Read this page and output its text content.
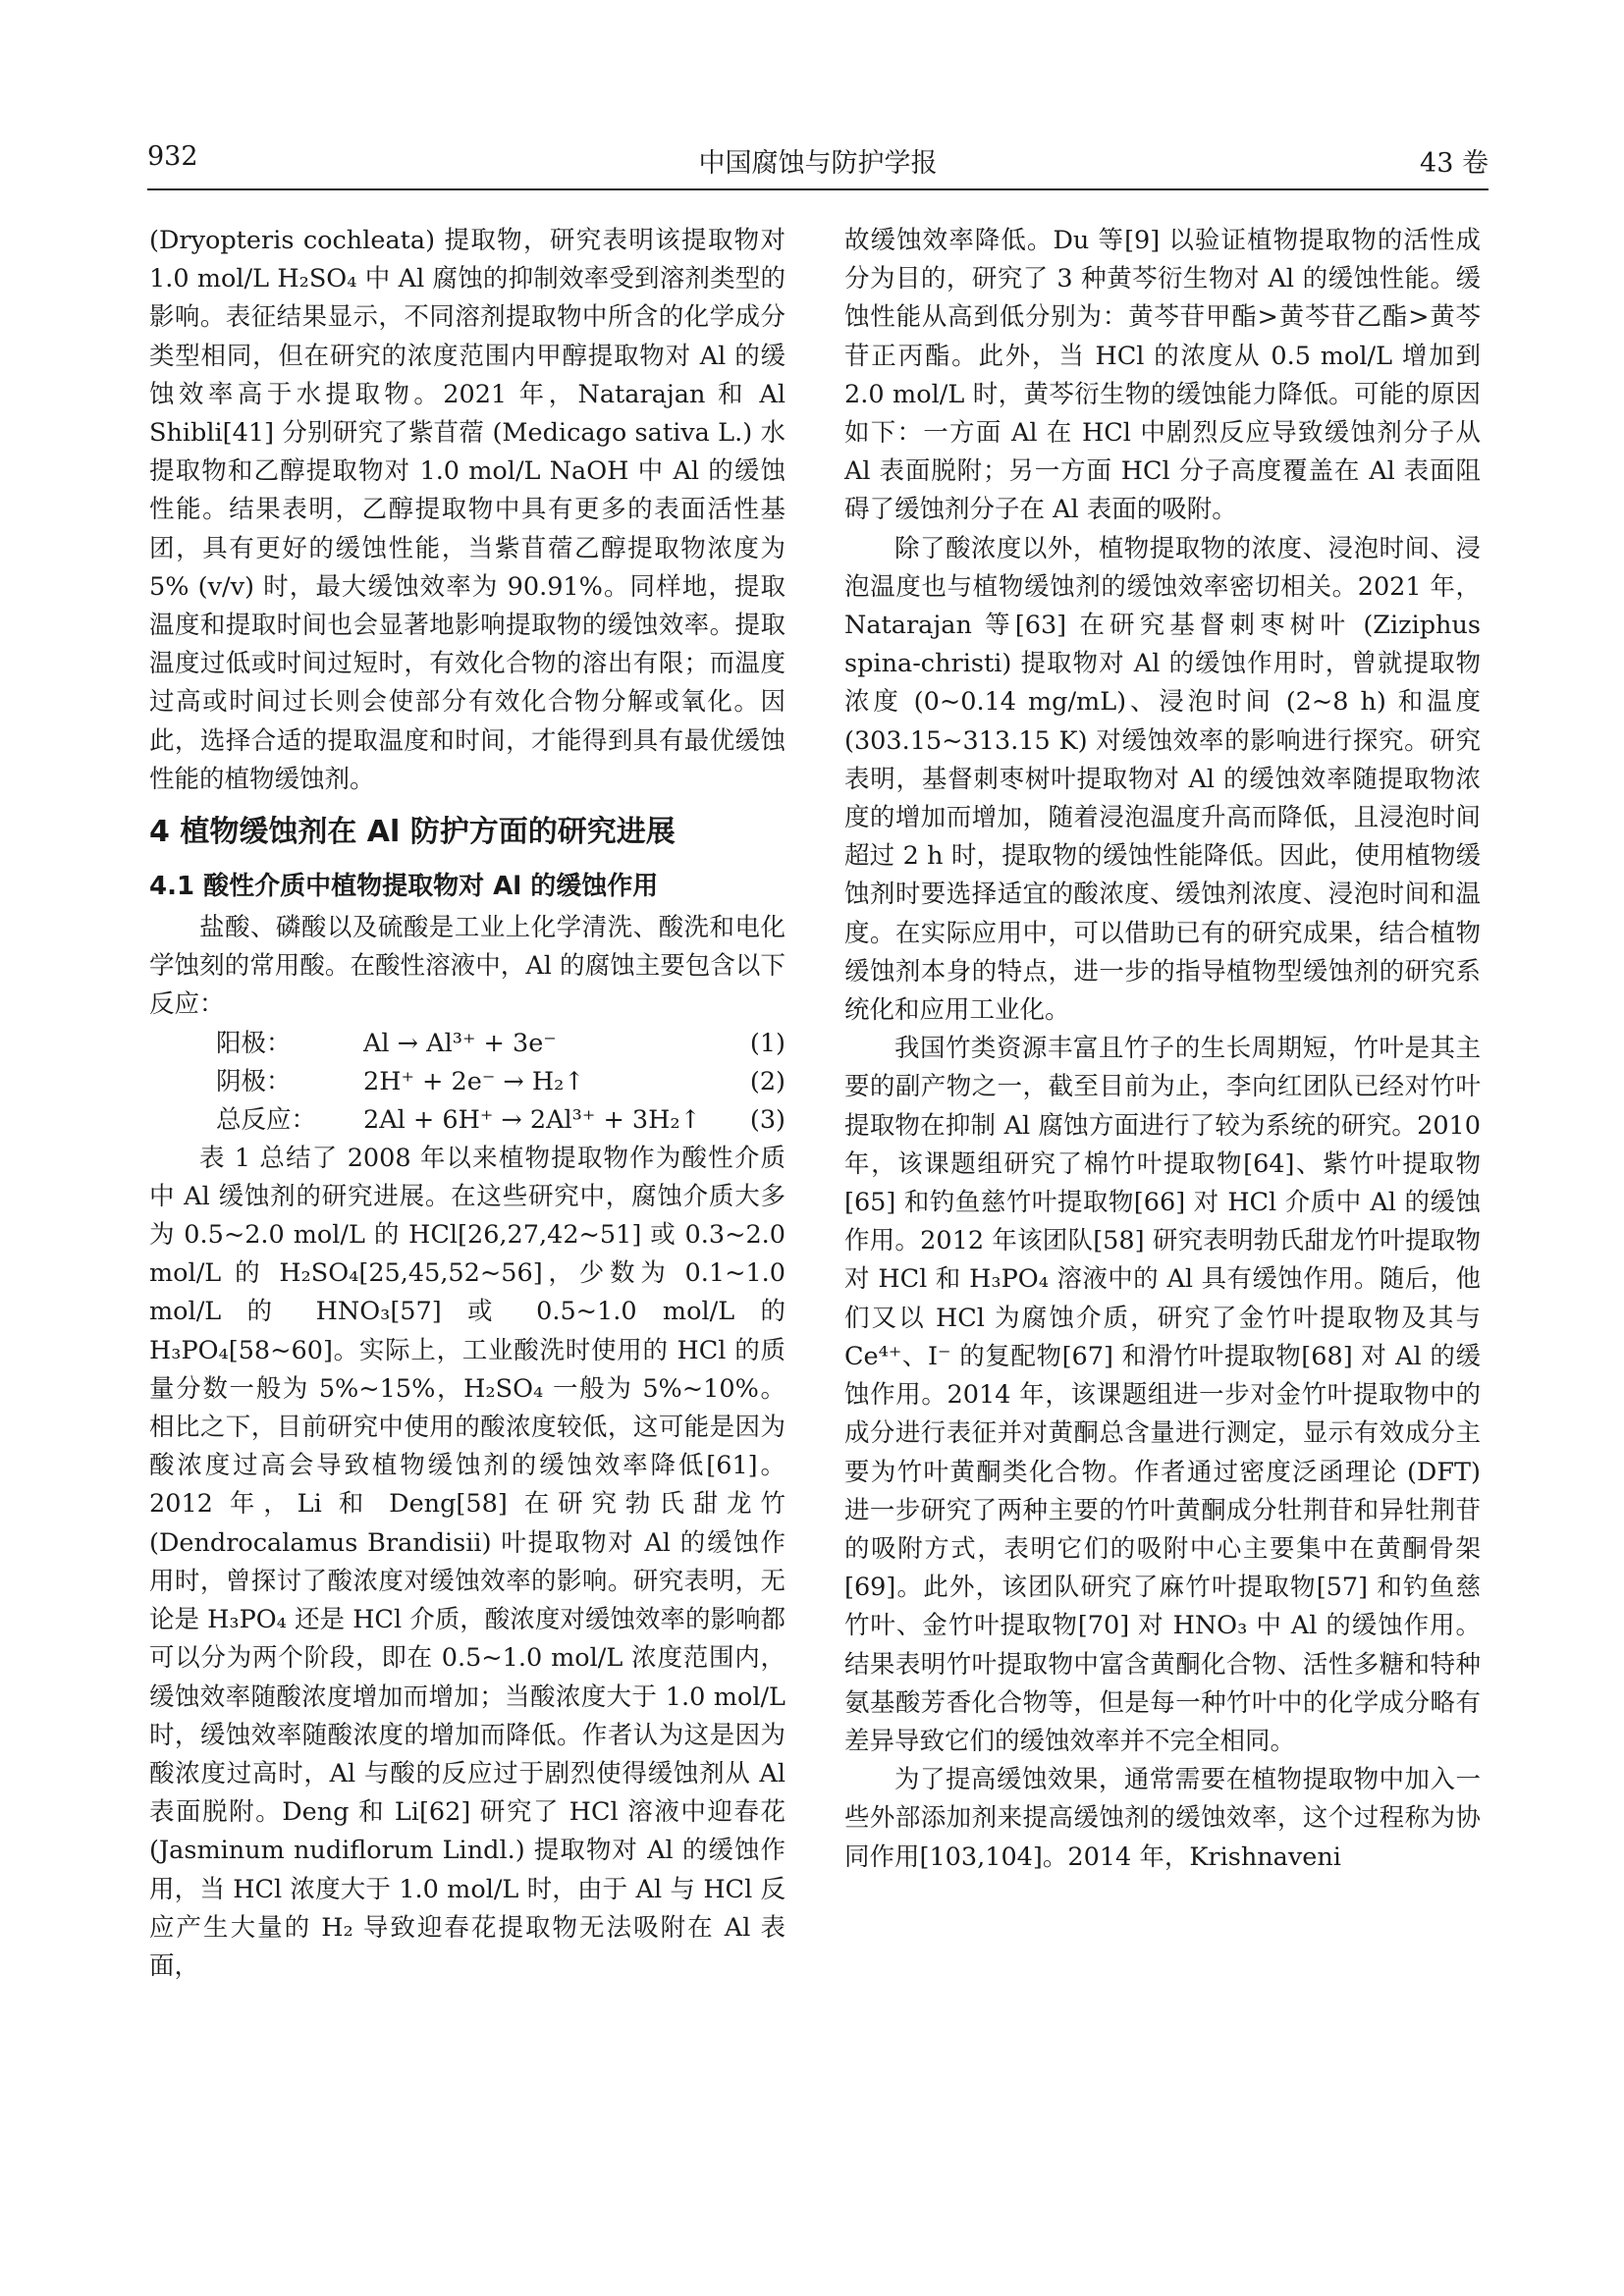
932	中国腐蚀与防护学报	43 卷

(Dryopteris cochleata) 提取物，研究表明该提取物对 1.0 mol/L H₂SO₄ 中 Al 腐蚀的抑制效率受到溶剂类型的影响。表征结果显示，不同溶剂提取物中所含的化学成分类型相同，但在研究的浓度范围内甲醇提取物对 Al 的缓蚀效率高于水提取物。2021 年，Natarajan 和 Al Shibli[41] 分别研究了紫苜蓿 (Medicago sativa L.) 水提取物和乙醇提取物对 1.0 mol/L NaOH 中 Al 的缓蚀性能。结果表明，乙醇提取物中具有更多的表面活性基团，具有更好的缓蚀性能，当紫苜蓿乙醇提取物浓度为 5% (v/v) 时，最大缓蚀效率为 90.91%。同样地，提取温度和提取时间也会显著地影响提取物的缓蚀效率。提取温度过低或时间过短时，有效化合物的溶出有限；而温度过高或时间过长则会使部分有效化合物分解或氧化。因此，选择合适的提取温度和时间，才能得到具有最优缓蚀性能的植物缓蚀剂。

4 植物缓蚀剂在 Al 防护方面的研究进展
4.1 酸性介质中植物提取物对 Al 的缓蚀作用

盐酸、磷酸以及硫酸是工业上化学清洗、酸洗和电化学蚀刻的常用酸。在酸性溶液中，Al 的腐蚀主要包含以下反应：

阳极：	Al → Al³⁺ + 3e⁻	(1)
阴极：	2H⁺ + 2e⁻ → H₂↑	(2)
总反应：	2Al + 6H⁺ → 2Al³⁺ + 3H₂↑	(3)

表 1 总结了 2008 年以来植物提取物作为酸性介质中 Al 缓蚀剂的研究进展。在这些研究中，腐蚀介质大多为 0.5~2.0 mol/L 的 HCl[26,27,42~51] 或 0.3~2.0 mol/L 的 H₂SO₄[25,45,52~56]，少数为 0.1~1.0 mol/L 的 HNO₃[57] 或 0.5~1.0 mol/L 的 H₃PO₄[58~60]。实际上，工业酸洗时使用的 HCl 的质量分数一般为 5%~15%，H₂SO₄ 一般为 5%~10%。相比之下，目前研究中使用的酸浓度较低，这可能是因为酸浓度过高会导致植物缓蚀剂的缓蚀效率降低[61]。2012 年，Li 和 Deng[58] 在研究勃氏甜龙竹 (Dendrocalamus Brandisii) 叶提取物对 Al 的缓蚀作用时，曾探讨了酸浓度对缓蚀效率的影响。研究表明，无论是 H₃PO₄ 还是 HCl 介质，酸浓度对缓蚀效率的影响都可以分为两个阶段，即在 0.5~1.0 mol/L 浓度范围内，缓蚀效率随酸浓度增加而增加；当酸浓度大于 1.0 mol/L 时，缓蚀效率随酸浓度的增加而降低。作者认为这是因为酸浓度过高时，Al 与酸的反应过于剧烈使得缓蚀剂从 Al 表面脱附。Deng 和 Li[62] 研究了 HCl 溶液中迎春花 (Jasminum nudiflorum Lindl.) 提取物对 Al 的缓蚀作用，当 HCl 浓度大于 1.0 mol/L 时，由于 Al 与 HCl 反应产生大量的 H₂ 导致迎春花提取物无法吸附在 Al 表面，

故缓蚀效率降低。Du 等[9] 以验证植物提取物的活性成分为目的，研究了 3 种黄芩衍生物对 Al 的缓蚀性能。缓蚀性能从高到低分别为：黄芩苷甲酯>黄芩苷乙酯>黄芩苷正丙酯。此外，当 HCl 的浓度从 0.5 mol/L 增加到 2.0 mol/L 时，黄芩衍生物的缓蚀能力降低。可能的原因如下：一方面 Al 在 HCl 中剧烈反应导致缓蚀剂分子从 Al 表面脱附；另一方面 HCl 分子高度覆盖在 Al 表面阻碍了缓蚀剂分子在 Al 表面的吸附。

除了酸浓度以外，植物提取物的浓度、浸泡时间、浸泡温度也与植物缓蚀剂的缓蚀效率密切相关。2021 年，Natarajan 等[63] 在研究基督刺枣树叶 (Ziziphus spina-christi) 提取物对 Al 的缓蚀作用时，曾就提取物浓度 (0~0.14 mg/mL)、浸泡时间 (2~8 h) 和温度 (303.15~313.15 K) 对缓蚀效率的影响进行探究。研究表明，基督刺枣树叶提取物对 Al 的缓蚀效率随提取物浓度的增加而增加，随着浸泡温度升高而降低，且浸泡时间超过 2 h 时，提取物的缓蚀性能降低。因此，使用植物缓蚀剂时要选择适宜的酸浓度、缓蚀剂浓度、浸泡时间和温度。在实际应用中，可以借助已有的研究成果，结合植物缓蚀剂本身的特点，进一步的指导植物型缓蚀剂的研究系统化和应用工业化。

我国竹类资源丰富且竹子的生长周期短，竹叶是其主要的副产物之一，截至目前为止，李向红团队已经对竹叶提取物在抑制 Al 腐蚀方面进行了较为系统的研究。2010 年，该课题组研究了棉竹叶提取物[64]、紫竹叶提取物[65] 和钓鱼慈竹叶提取物[66] 对 HCl 介质中 Al 的缓蚀作用。2012 年该团队[58] 研究表明勃氏甜龙竹叶提取物对 HCl 和 H₃PO₄ 溶液中的 Al 具有缓蚀作用。随后，他们又以 HCl 为腐蚀介质，研究了金竹叶提取物及其与 Ce⁴⁺、I⁻ 的复配物[67] 和滑竹叶提取物[68] 对 Al 的缓蚀作用。2014 年，该课题组进一步对金竹叶提取物中的成分进行表征并对黄酮总含量进行测定，显示有效成分主要为竹叶黄酮类化合物。作者通过密度泛函理论 (DFT) 进一步研究了两种主要的竹叶黄酮成分牡荆苷和异牡荆苷的吸附方式，表明它们的吸附中心主要集中在黄酮骨架[69]。此外，该团队研究了麻竹叶提取物[57] 和钓鱼慈竹叶、金竹叶提取物[70] 对 HNO₃ 中 Al 的缓蚀作用。结果表明竹叶提取物中富含黄酮化合物、活性多糖和特种氨基酸芳香化合物等，但是每一种竹叶中的化学成分略有差异导致它们的缓蚀效率并不完全相同。

为了提高缓蚀效果，通常需要在植物提取物中加入一些外部添加剂来提高缓蚀剂的缓蚀效率，这个过程称为协同作用[103,104]。2014 年，Krishnaveni
